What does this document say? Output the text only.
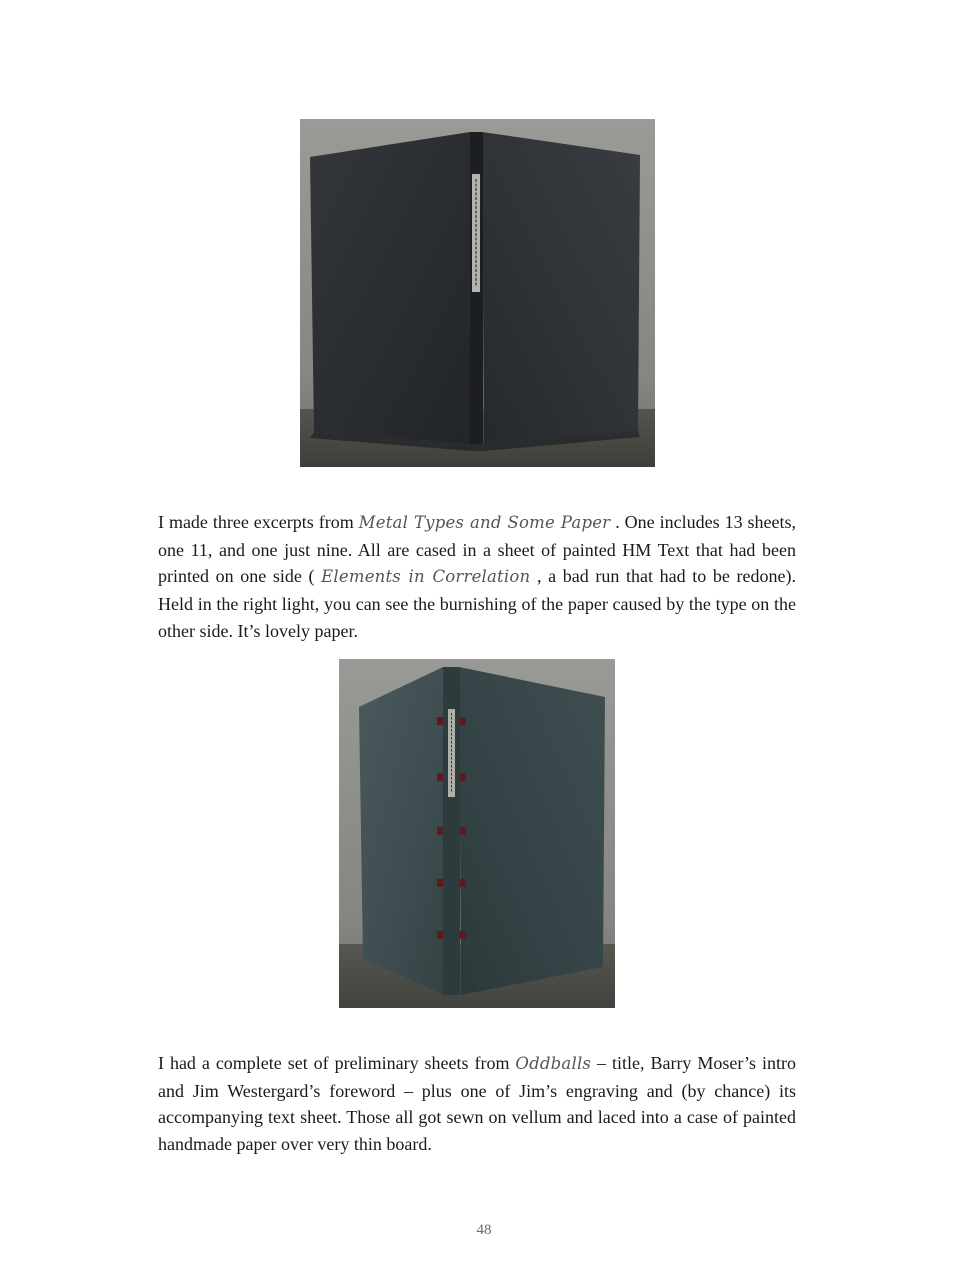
I made three excerpts from Metal Types and Some Paper . One includes 13 sheets, one 11, and one just nine. All are cased in a sheet of painted HM Text that had been printed on one side ( Elements in Correlation , a bad run that had to be redone). Held in the right light, you can see the burnishing of the paper caused by the type on the other side. It’s lovely paper.

I had a complete set of preliminary sheets from Oddballs – title, Barry Moser’s intro and Jim Westergard’s foreword – plus one of Jim’s engraving and (by chance) its accompanying text sheet. Those all got sewn on vellum and laced into a case of painted handmade paper over very thin board.

48
